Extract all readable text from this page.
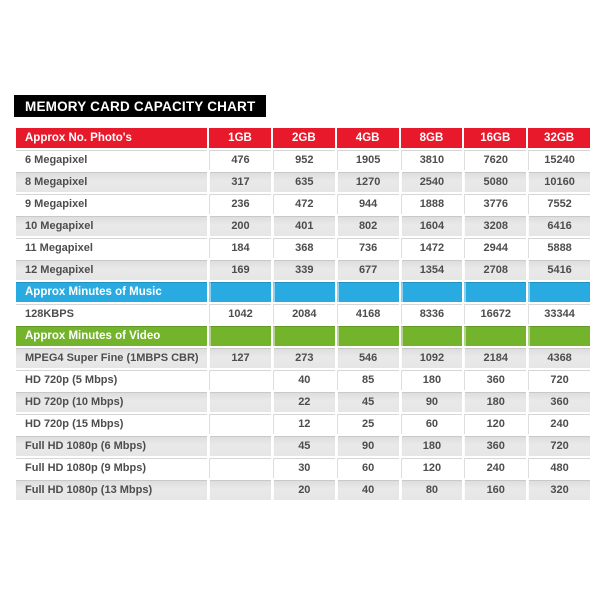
MEMORY CARD CAPACITY CHART
Approx No. Photo's	1GB	2GB	4GB	8GB	16GB	32GB
6 Megapixel	476	952	1905	3810	7620	15240
8 Megapixel	317	635	1270	2540	5080	10160
9 Megapixel	236	472	944	1888	3776	7552
10 Megapixel	200	401	802	1604	3208	6416
11 Megapixel	184	368	736	1472	2944	5888
12 Megapixel	169	339	677	1354	2708	5416
Approx Minutes of Music						
128KBPS	1042	2084	4168	8336	16672	33344
Approx Minutes of Video						
MPEG4 Super Fine (1MBPS CBR)	127	273	546	1092	2184	4368
HD 720p (5 Mbps)		40	85	180	360	720
HD 720p (10 Mbps)		22	45	90	180	360
HD 720p (15 Mbps)		12	25	60	120	240
Full HD 1080p (6 Mbps)		45	90	180	360	720
Full HD 1080p (9 Mbps)		30	60	120	240	480
Full HD 1080p (13 Mbps)		20	40	80	160	320
